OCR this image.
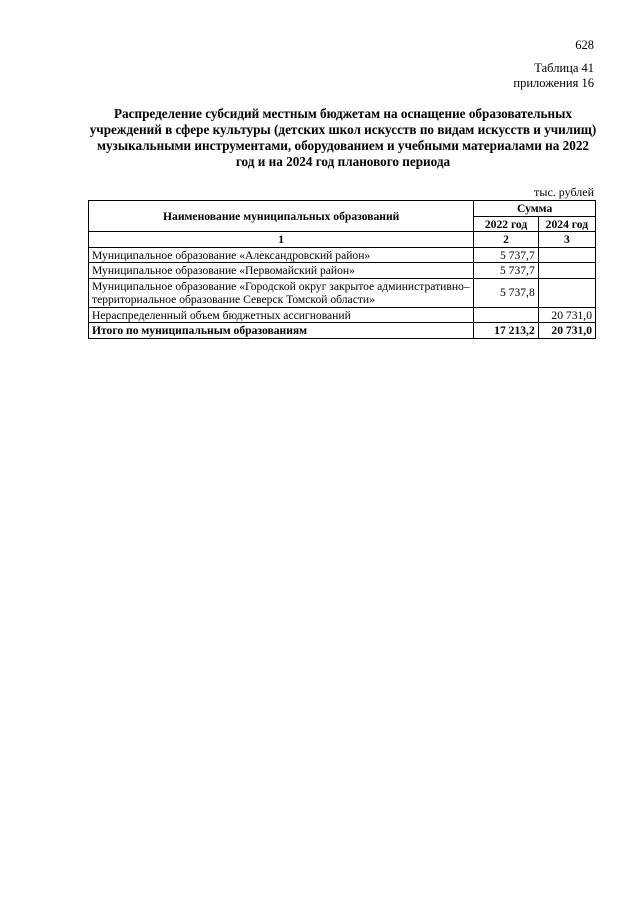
628
Таблица 41
приложения 16
Распределение субсидий местным бюджетам на оснащение образовательных учреждений в сфере культуры (детских школ искусств по видам искусств и училищ) музыкальными инструментами, оборудованием и учебными материалами на 2022 год и на 2024 год планового периода
тыс. рублей
Наименование муниципальных образований	Сумма	
	2022 год	2024 год
1	2	3
Муниципальное образование «Александровский район»	5 737,7	
Муниципальное образование «Первомайский район»	5 737,7	
Муниципальное образование «Городской округ закрытое административно–территориальное образование Северск Томской области»	5 737,8	
Нераспределенный объем бюджетных ассигнований		20 731,0
Итого по муниципальным образованиям	17 213,2	20 731,0
